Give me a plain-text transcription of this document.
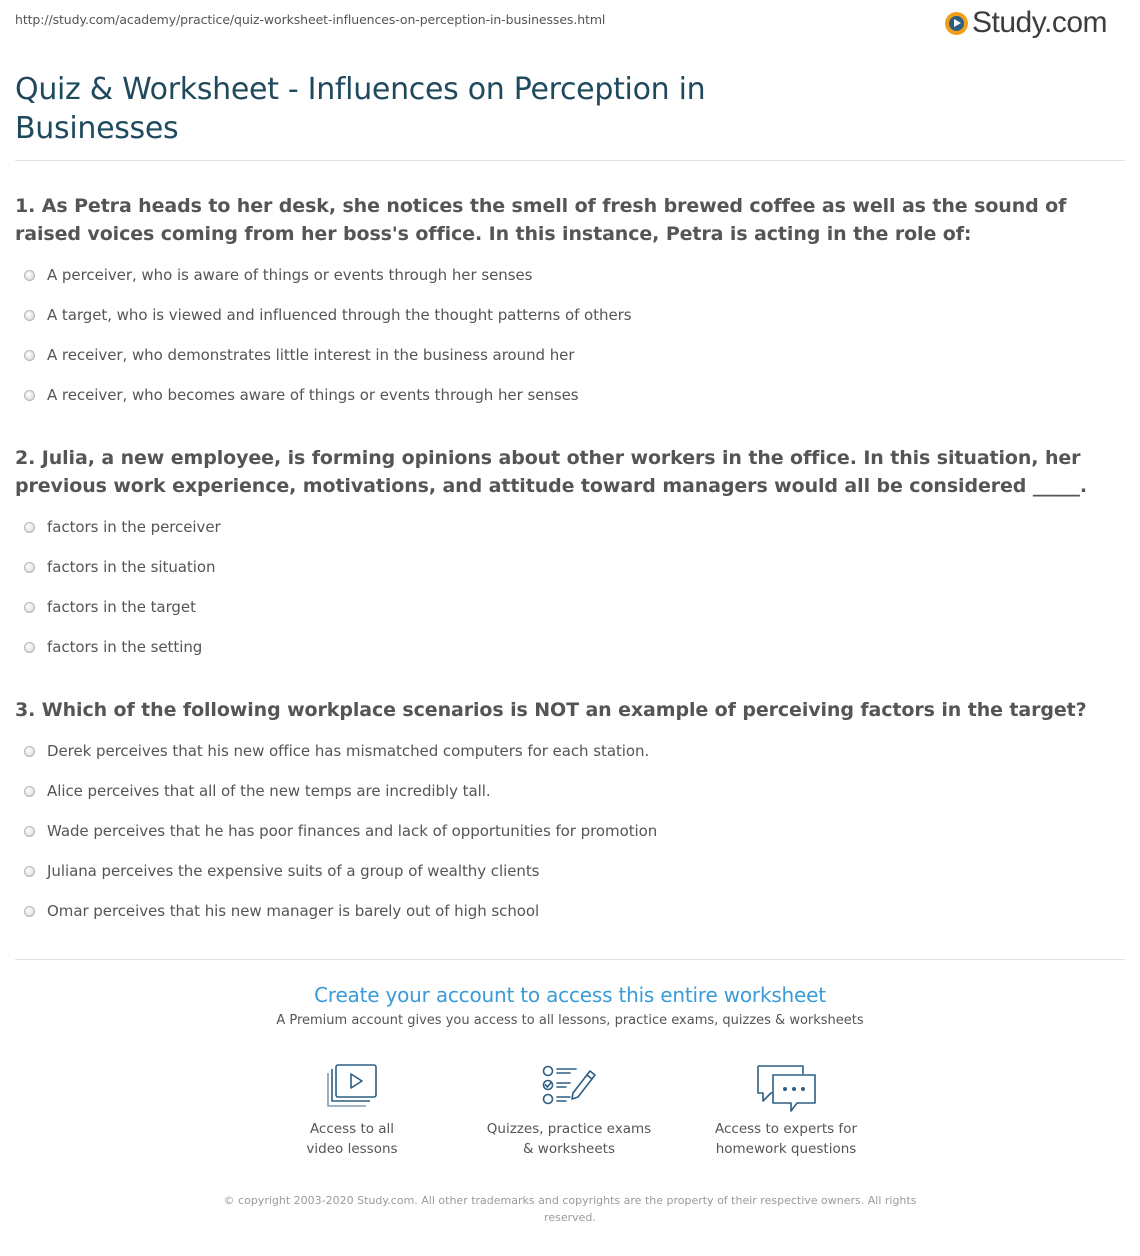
http://study.com/academy/practice/quiz-worksheet-influences-on-perception-in-businesses.html	Study.com
Quiz & Worksheet - Influences on Perception in Businesses
1. As Petra heads to her desk, she notices the smell of fresh brewed coffee as well as the sound of raised voices coming from her boss's office. In this instance, Petra is acting in the role of:
A perceiver, who is aware of things or events through her senses
A target, who is viewed and influenced through the thought patterns of others
A receiver, who demonstrates little interest in the business around her
A receiver, who becomes aware of things or events through her senses
2. Julia, a new employee, is forming opinions about other workers in the office. In this situation, her previous work experience, motivations, and attitude toward managers would all be considered _____.
factors in the perceiver
factors in the situation
factors in the target
factors in the setting
3. Which of the following workplace scenarios is NOT an example of perceiving factors in the target?
Derek perceives that his new office has mismatched computers for each station.
Alice perceives that all of the new temps are incredibly tall.
Wade perceives that he has poor finances and lack of opportunities for promotion
Juliana perceives the expensive suits of a group of wealthy clients
Omar perceives that his new manager is barely out of high school
Create your account to access this entire worksheet
A Premium account gives you access to all lessons, practice exams, quizzes & worksheets
Access to all
video lessons
Quizzes, practice exams
& worksheets
Access to experts for
homework questions
© copyright 2003-2020 Study.com. All other trademarks and copyrights are the property of their respective owners. All rights reserved.
